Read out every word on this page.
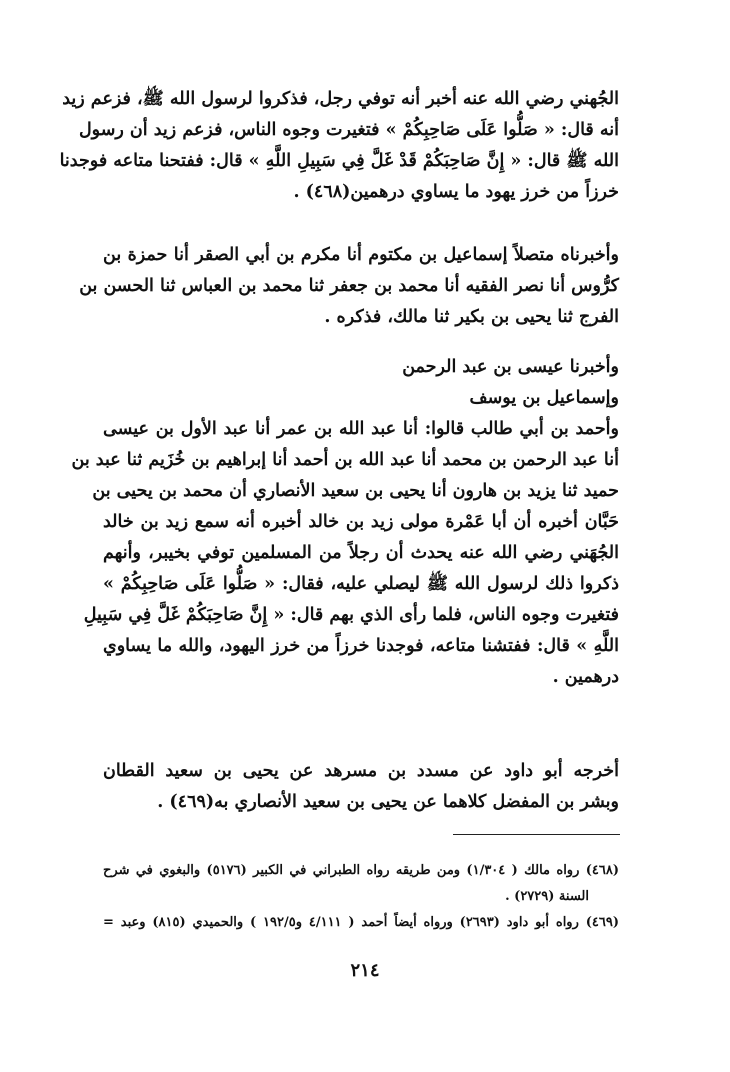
الجُهني رضي الله عنه أخبر أنه توفي رجل، فذكروا لرسول الله ﷺ، فزعم زيد
أنه قال: « صَلُّوا عَلَى صَاحِبِكُمْ » فتغيرت وجوه الناس، فزعم زيد أن رسول
الله ﷺ قال: « إِنَّ صَاحِبَكُمْ قَدْ غَلَّ فِي سَبِيلِ اللَّهِ » قال: ففتحنا متاعه فوجدنا
خرزاً من خرز يهود ما يساوي درهمين(٤٦٨) .
وأخبرناه متصلاً إسماعيل بن مكتوم أنا مكرم بن أبي الصقر أنا حمزة بن
كرُّوس أنا نصر الفقيه أنا محمد بن جعفر ثنا محمد بن العباس ثنا الحسن بن
الفرج ثنا يحيى بن بكير ثنا مالك، فذكره .
وأخبرنا عيسى بن عبد الرحمن
وإسماعيل بن يوسف
وأحمد بن أبي طالب قالوا: أنا عبد الله بن عمر أنا عبد الأول بن عيسى
أنا عبد الرحمن بن محمد أنا عبد الله بن أحمد أنا إبراهيم بن خُزَيم ثنا عبد بن
حميد ثنا يزيد بن هارون أنا يحيى بن سعيد الأنصاري أن محمد بن يحيى بن
حَبَّان أخبره أن أبا عَمْرة مولى زيد بن خالد أخبره أنه سمع زيد بن خالد
الجُهَني رضي الله عنه يحدث أن رجلاً من المسلمين توفي بخيبر، وأنهم
ذكروا ذلك لرسول الله ﷺ ليصلي عليه، فقال: « صَلُّوا عَلَى صَاحِبِكُمْ »
فتغيرت وجوه الناس، فلما رأى الذي بهم قال: « إِنَّ صَاحِبَكُمْ غَلَّ فِي سَبِيلِ
اللَّهِ » قال: ففتشنا متاعه، فوجدنا خرزاً من خرز اليهود، والله ما يساوي
درهمين .
أخرجه أبو داود عن مسدد بن مسرهد عن يحيى بن سعيد القطان
وبشر بن المفضل كلاهما عن يحيى بن سعيد الأنصاري به(٤٦٩) .
(٤٦٨) رواه مالك ( ١/٣٠٤) ومن طريقه رواه الطبراني في الكبير (٥١٧٦) والبغوي في شرح
السنة (٢٧٢٩) .
(٤٦٩) رواه أبو داود (٢٦٩٣) ورواه أيضاً أحمد ( ٤/١١١ و١٩٢/٥ ) والحميدي (٨١٥) وعبد =
٢١٤
